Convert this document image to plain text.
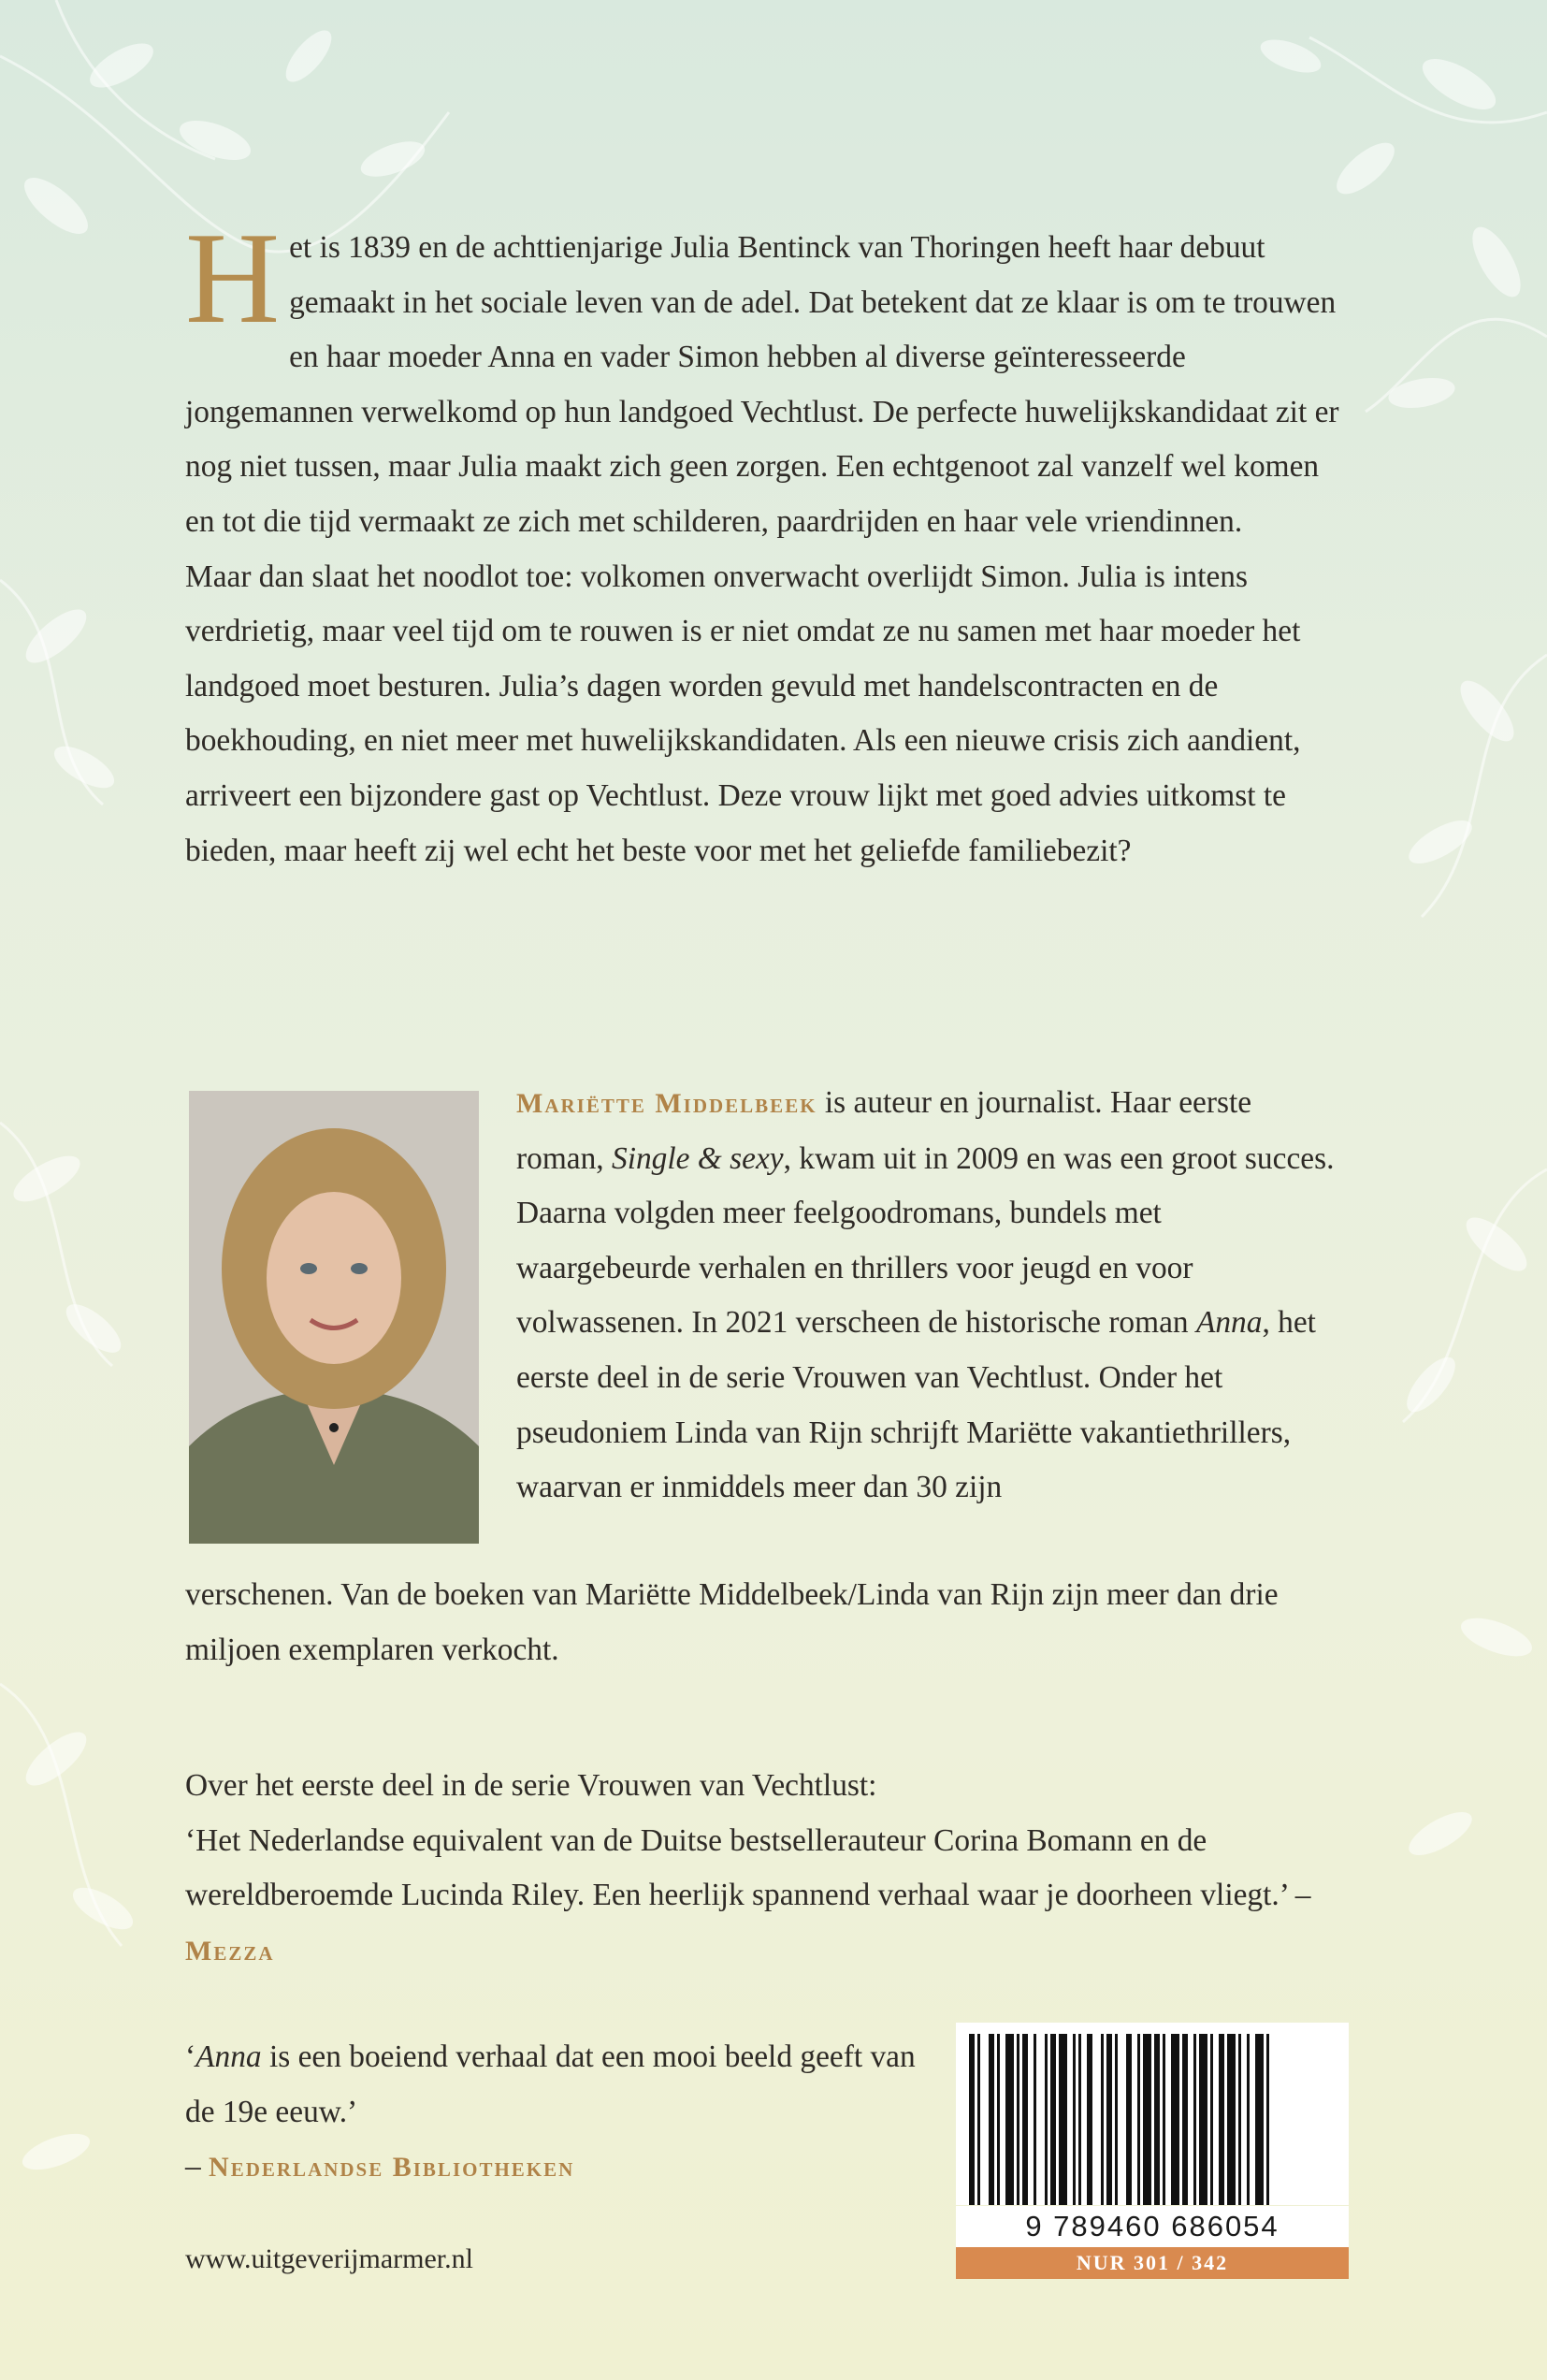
H et is 1839 en de achttienjarige Julia Bentinck van Thoringen heeft haar debuut gemaakt in het sociale leven van de adel. Dat betekent dat ze klaar is om te trouwen en haar moeder Anna en vader Simon hebben al diverse geïnteresseerde jongemannen verwelkomd op hun landgoed Vechtlust. De perfecte huwelijkskandidaat zit er nog niet tussen, maar Julia maakt zich geen zorgen. Een echtgenoot zal vanzelf wel komen en tot die tijd vermaakt ze zich met schilderen, paardrijden en haar vele vriendinnen.

Maar dan slaat het noodlot toe: volkomen onverwacht overlijdt Simon. Julia is intens verdrietig, maar veel tijd om te rouwen is er niet omdat ze nu samen met haar moeder het landgoed moet besturen. Julia’s dagen worden gevuld met handelscontracten en de boekhouding, en niet meer met huwelijkskandidaten. Als een nieuwe crisis zich aandient, arriveert een bijzondere gast op Vechtlust. Deze vrouw lijkt met goed advies uitkomst te bieden, maar heeft zij wel echt het beste voor met het geliefde familiebezit?

Mariëtte Middelbeek is auteur en journalist. Haar eerste roman, Single & sexy, kwam uit in 2009 en was een groot succes. Daarna volgden meer feelgoodromans, bundels met waargebeurde verhalen en thrillers voor jeugd en voor volwassenen. In 2021 verscheen de historische roman Anna, het eerste deel in de serie Vrouwen van Vechtlust. Onder het pseudoniem Linda van Rijn schrijft Mariëtte vakantiethrillers, waarvan er inmiddels meer dan 30 zijn

verschenen. Van de boeken van Mariëtte Middelbeek/Linda van Rijn zijn meer dan drie miljoen exemplaren verkocht.

Over het eerste deel in de serie Vrouwen van Vechtlust:

‘Het Nederlandse equivalent van de Duitse bestsellerauteur Corina Bomann en de wereldberoemde Lucinda Riley. Een heerlijk spannend verhaal waar je doorheen vliegt.’ – Mezza

‘Anna is een boeiend verhaal dat een mooi beeld geeft van de 19e eeuw.’

– Nederlandse Bibliotheken

www.uitgeverijmarmer.nl
9 789460 686054
NUR 301 / 342
